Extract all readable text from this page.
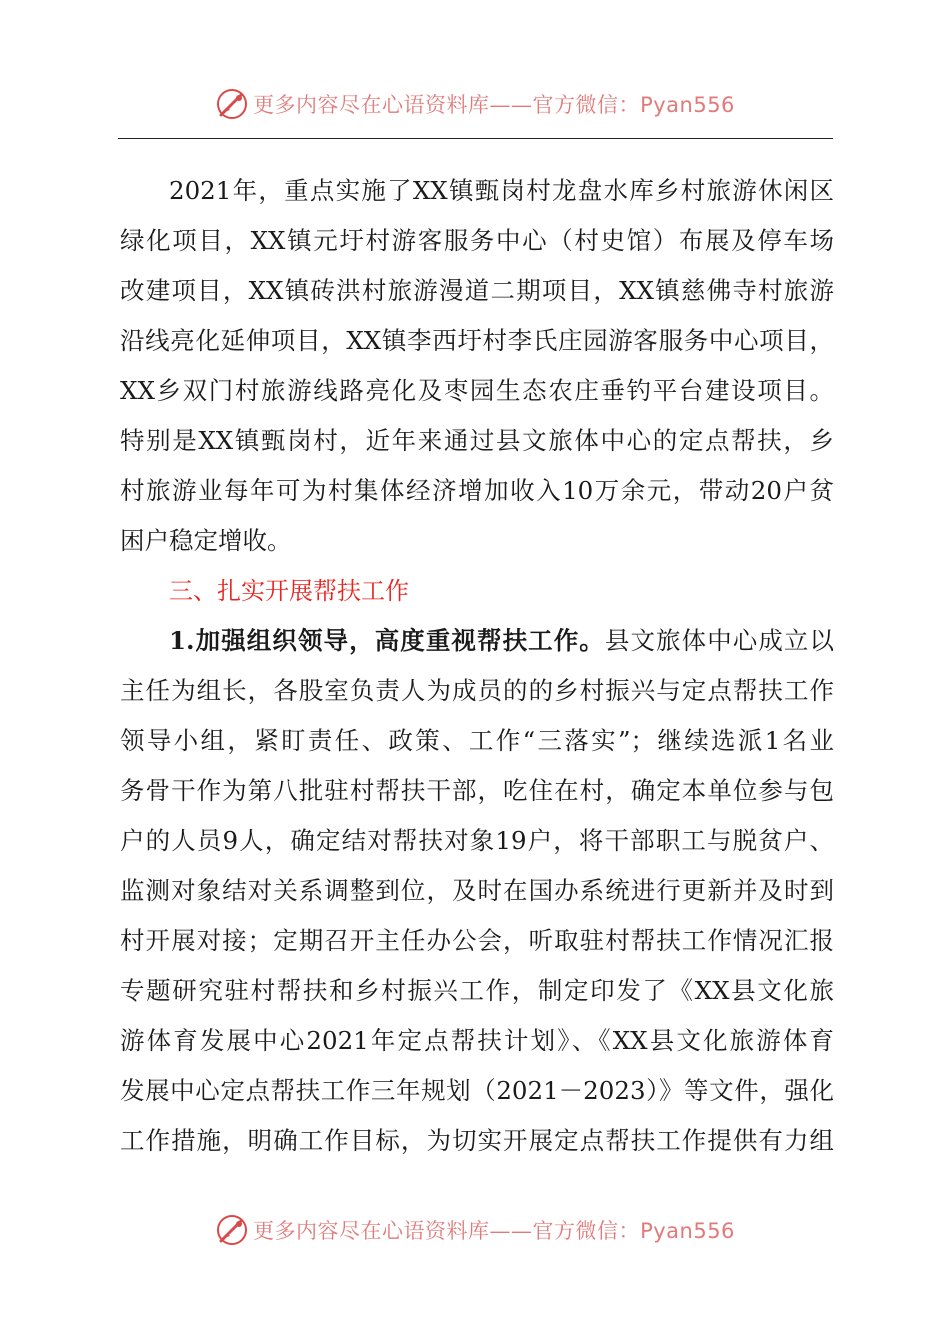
更多内容尽在心语资料库——官方微信：Pyan556
2021年，重点实施了XX镇甄岗村龙盘水库乡村旅游休闲区
绿化项目，XX镇元圩村游客服务中心（村史馆）布展及停车场
改建项目，XX镇砖洪村旅游漫道二期项目，XX镇慈佛寺村旅游
沿线亮化延伸项目，XX镇李西圩村李氏庄园游客服务中心项目，
XX乡双门村旅游线路亮化及枣园生态农庄垂钓平台建设项目。
特别是XX镇甄岗村，近年来通过县文旅体中心的定点帮扶，乡
村旅游业每年可为村集体经济增加收入10万余元，带动20户贫
困户稳定增收。
三、扎实开展帮扶工作
1.加强组织领导，高度重视帮扶工作。县文旅体中心成立以
主任为组长，各股室负责人为成员的的乡村振兴与定点帮扶工作
领导小组，紧盯责任、政策、工作“三落实”；继续选派1名业
务骨干作为第八批驻村帮扶干部，吃住在村，确定本单位参与包
户的人员9人，确定结对帮扶对象19户，将干部职工与脱贫户、
监测对象结对关系调整到位，及时在国办系统进行更新并及时到
村开展对接；定期召开主任办公会，听取驻村帮扶工作情况汇报
专题研究驻村帮扶和乡村振兴工作，制定印发了《XX县文化旅
游体育发展中心2021年定点帮扶计划》、《XX县文化旅游体育
发展中心定点帮扶工作三年规划（2021－2023）》等文件，强化
工作措施，明确工作目标，为切实开展定点帮扶工作提供有力组
更多内容尽在心语资料库——官方微信：Pyan556
